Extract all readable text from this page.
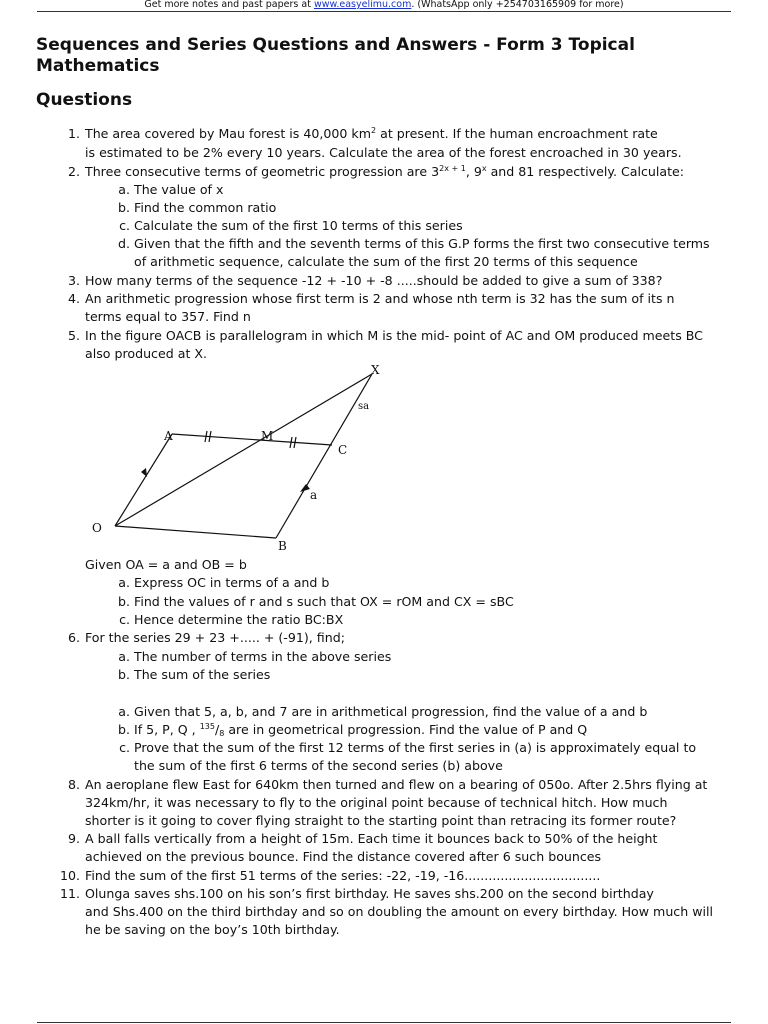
Get more notes and past papers at www.easyelimu.com. (WhatsApp only +254703165909 for more)
Sequences and Series Questions and Answers - Form 3 Topical Mathematics
Questions
1. The area covered by Mau forest is 40,000 $km^2$ at present. If the human encroachment rate
is estimated to be 2% every 10 years. Calculate the area of the forest encroached in 30 years.
2. Three consecutive terms of geometric progression are $3^{2x + 1}$, 9$^x$ and 81 respectively. Calculate:
a. The value of x
b. Find the common ratio
c. Calculate the sum of the first 10 terms of this series
d. Given that the fifth and the seventh terms of this G.P forms the first two consecutive terms
of arithmetic sequence, calculate the sum of the first 20 terms of this sequence
3. How many terms of the sequence -12 + -10 + -8 .....should be added to give a sum of 338?
4. An arithmetic progression whose first term is 2 and whose nth term is 32 has the sum of its n
terms equal to 357. Find n
5. In the figure OACB is parallelogram in which M is the mid- point of AC and OM produced meets BC
also produced at X.
X
sa
A	M
C
a
O
B
Given OA = a and OB = b
a. Express OC in terms of a and b
b. Find the values of r and s such that OX = rOM and CX = sBC
c. Hence determine the ratio BC:BX
6. For the series 29 + 23 +..... + (-91), find;
a. The number of terms in the above series
b. The sum of the series
a. Given that 5, a, b, and 7 are in arithmetical progression, find the value of a and b
b. If 5, P, Q , $^{135}/_8$ are in geometrical progression. Find the value of P and Q
c. Prove that the sum of the first 12 terms of the first series in (a) is approximately equal to
the sum of the first 6 terms of the second series (b) above
8. An aeroplane flew East for 640km then turned and flew on a bearing of 050o. After 2.5hrs flying at
324km/hr, it was necessary to fly to the original point because of technical hitch. How much
shorter is it going to cover flying straight to the starting point than retracing its former route?
9. A ball falls vertically from a height of 15m. Each time it bounces back to 50% of the height
achieved on the previous bounce. Find the distance covered after 6 such bounces
10. Find the sum of the first 51 terms of the series: -22, -19, -16..................................
11. Olunga saves shs.100 on his son’s first birthday. He saves shs.200 on the second birthday
and Shs.400 on the third birthday and so on doubling the amount on every birthday. How much will
he be saving on the boy’s 10th birthday.
